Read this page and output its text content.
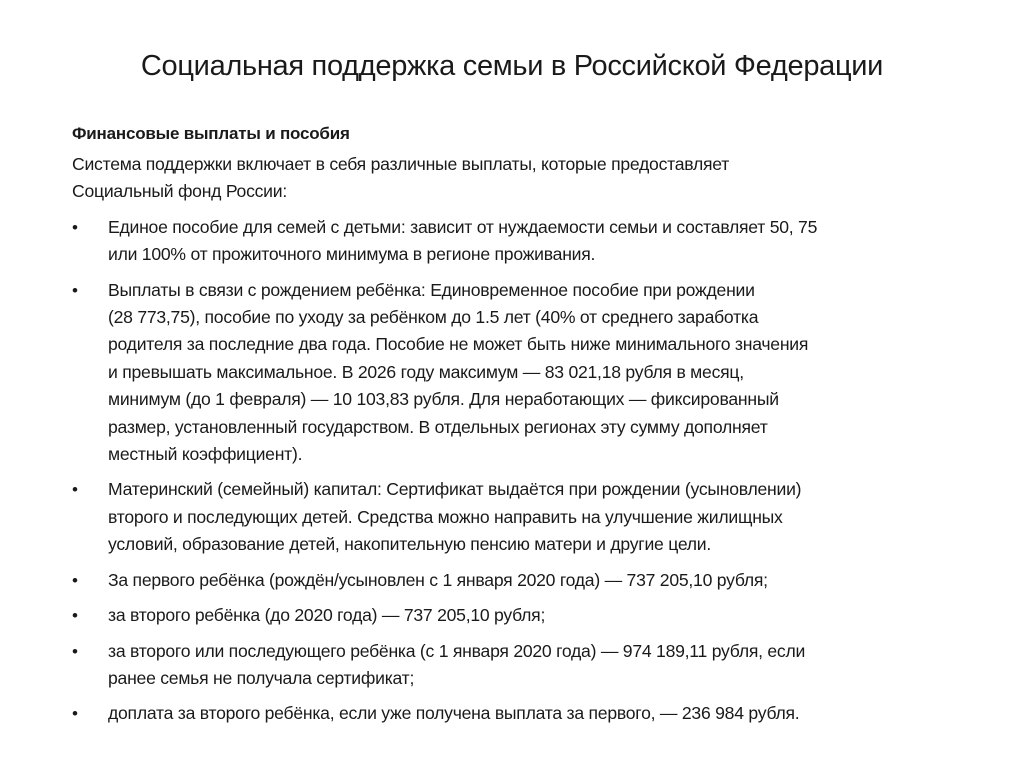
Социальная поддержка семьи в Российской Федерации
Финансовые выплаты и пособия
Система поддержки включает в себя различные выплаты, которые предоставляет
Социальный фонд России:
•	Единое пособие для семей с детьми: зависит от нуждаемости семьи и составляет 50, 75
или 100% от прожиточного минимума в регионе проживания.
•	Выплаты в связи с рождением ребёнка: Единовременное пособие при рождении
(28 773,75), пособие по уходу за ребёнком до 1.5 лет (40% от среднего заработка
родителя за последние два года. Пособие не может быть ниже минимального значения
и превышать максимальное. В 2026 году максимум — 83 021,18 рубля в месяц,
минимум (до 1 февраля) — 10 103,83 рубля. Для неработающих — фиксированный
размер, установленный государством. В отдельных регионах эту сумму дополняет
местный коэффициент).
•	Материнский (семейный) капитал: Сертификат выдаётся при рождении (усыновлении)
второго и последующих детей. Средства можно направить на улучшение жилищных
условий, образование детей, накопительную пенсию матери и другие цели.
•	За первого ребёнка (рождён/усыновлен с 1 января 2020 года) — 737 205,10 рубля;
•	за второго ребёнка (до 2020 года) — 737 205,10 рубля;
•	за второго или последующего ребёнка (с 1 января 2020 года) — 974 189,11 рубля, если
ранее семья не получала сертификат;
•	доплата за второго ребёнка, если уже получена выплата за первого, — 236 984 рубля.
